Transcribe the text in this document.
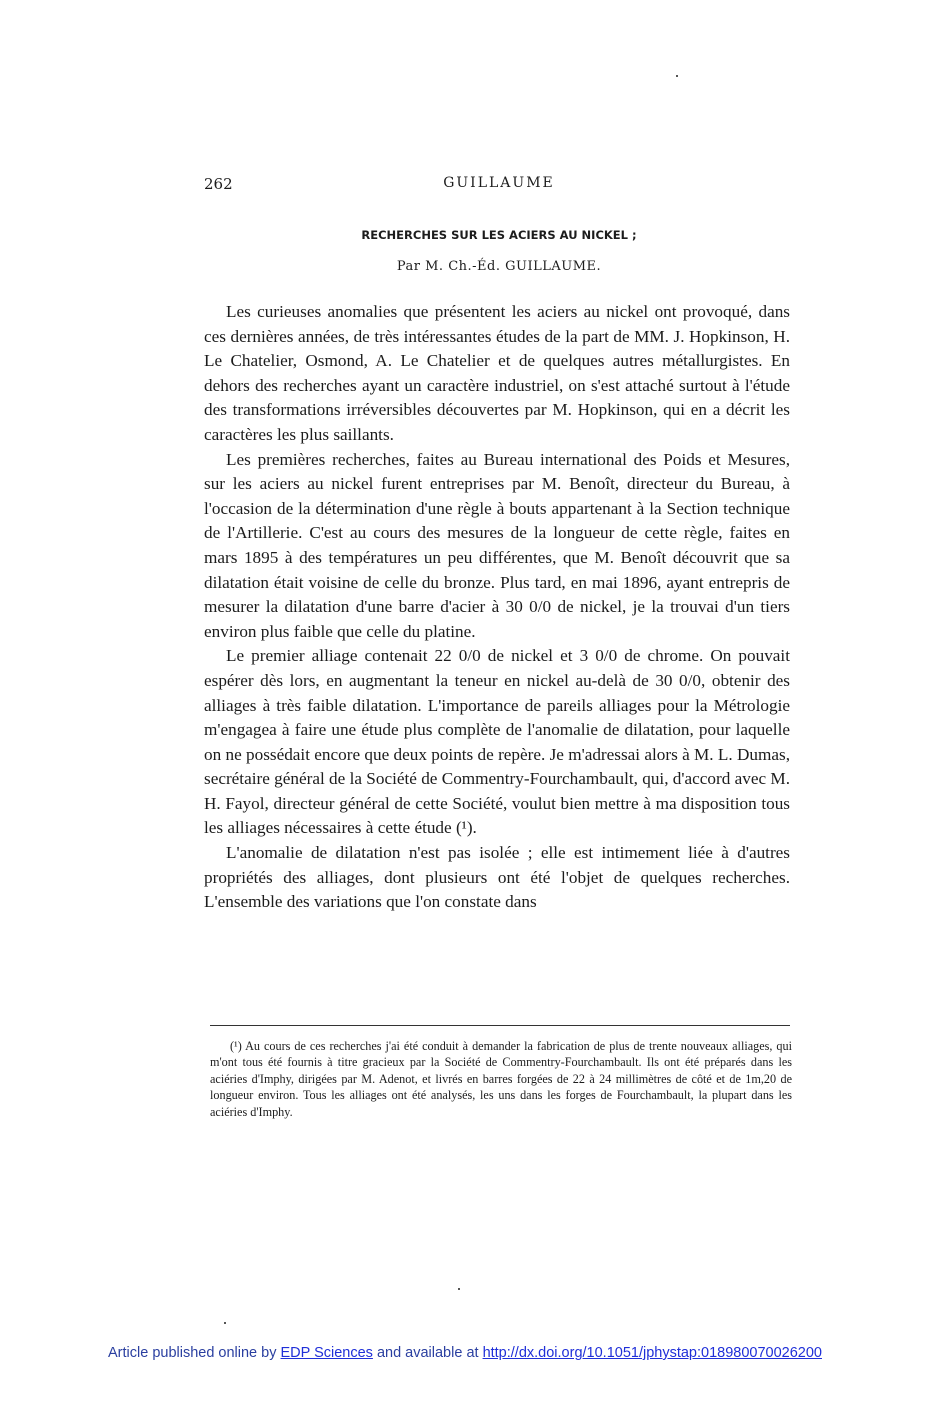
262	GUILLAUME
RECHERCHES SUR LES ACIERS AU NICKEL ;
Par M. Ch.-Éd. GUILLAUME.

Les curieuses anomalies que présentent les aciers au nickel ont provoqué, dans ces dernières années, de très intéressantes études de la part de MM. J. Hopkinson, H. Le Chatelier, Osmond, A. Le Chatelier et de quelques autres métallurgistes. En dehors des recherches ayant un caractère industriel, on s'est attaché surtout à l'étude des transformations irréversibles découvertes par M. Hopkinson, qui en a décrit les caractères les plus saillants.

Les premières recherches, faites au Bureau international des Poids et Mesures, sur les aciers au nickel furent entreprises par M. Benoît, directeur du Bureau, à l'occasion de la détermination d'une règle à bouts appartenant à la Section technique de l'Artillerie. C'est au cours des mesures de la longueur de cette règle, faites en mars 1895 à des températures un peu différentes, que M. Benoît découvrit que sa dilatation était voisine de celle du bronze. Plus tard, en mai 1896, ayant entrepris de mesurer la dilatation d'une barre d'acier à 30 0/0 de nickel, je la trouvai d'un tiers environ plus faible que celle du platine.

Le premier alliage contenait 22 0/0 de nickel et 3 0/0 de chrome. On pouvait espérer dès lors, en augmentant la teneur en nickel au-delà de 30 0/0, obtenir des alliages à très faible dilatation. L'importance de pareils alliages pour la Métrologie m'engagea à faire une étude plus complète de l'anomalie de dilatation, pour laquelle on ne possédait encore que deux points de repère. Je m'adressai alors à M. L. Dumas, secrétaire général de la Société de Commentry-Fourchambault, qui, d'accord avec M. H. Fayol, directeur général de cette Société, voulut bien mettre à ma disposition tous les alliages nécessaires à cette étude (¹).

L'anomalie de dilatation n'est pas isolée ; elle est intimement liée à d'autres propriétés des alliages, dont plusieurs ont été l'objet de quelques recherches. L'ensemble des variations que l'on constate dans

(¹) Au cours de ces recherches j'ai été conduit à demander la fabrication de plus de trente nouveaux alliages, qui m'ont tous été fournis à titre gracieux par la Société de Commentry-Fourchambault. Ils ont été préparés dans les aciéries d'Imphy, dirigées par M. Adenot, et livrés en barres forgées de 22 à 24 millimètres de côté et de 1m,20 de longueur environ. Tous les alliages ont été analysés, les uns dans les forges de Fourchambault, la plupart dans les aciéries d'Imphy.

Article published online by EDP Sciences and available at http://dx.doi.org/10.1051/jphystap:018980070026200
